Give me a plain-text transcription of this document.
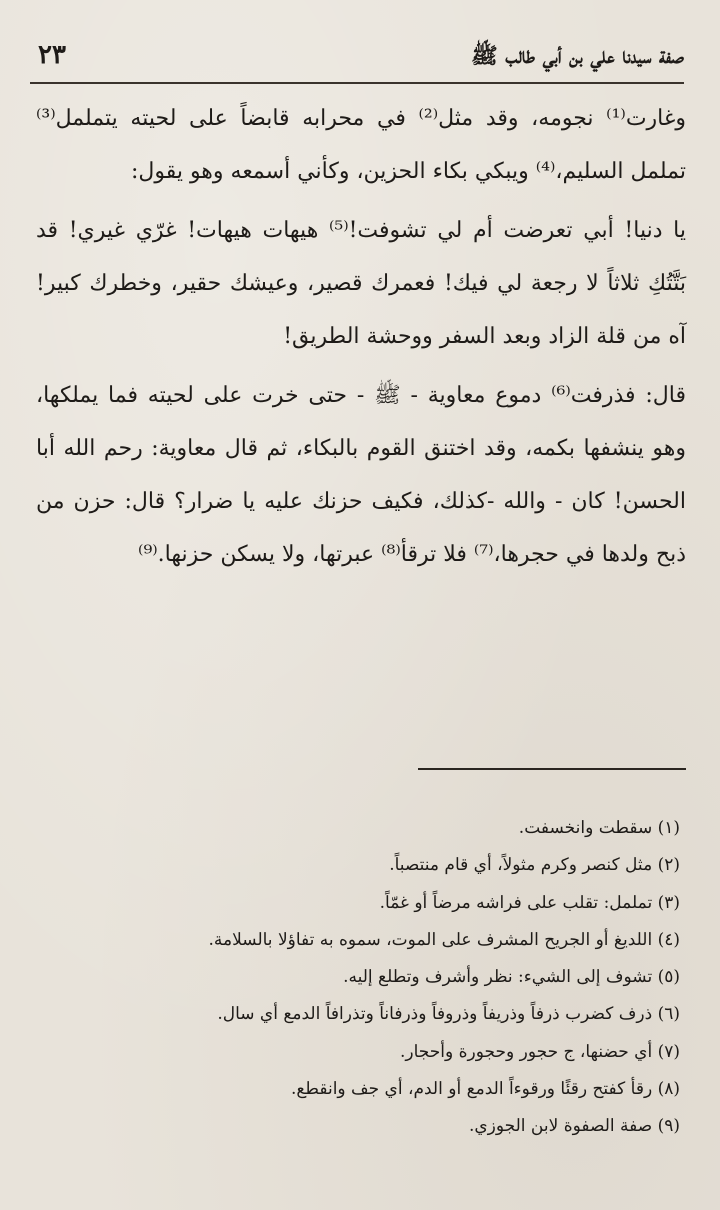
صفة سيدنا علي بن أبي طالب ﷺ
٢٣

وغارت⁽¹⁾ نجومه، وقد مثل⁽²⁾ في محرابه قابضاً على لحيته يتململ⁽³⁾ تململ السليم،⁽⁴⁾ ويبكي بكاء الحزين، وكأني أسمعه وهو يقول:

يا دنيا! أبي تعرضت أم لي تشوفت!⁽⁵⁾ هيهات هيهات! غرّي غيري! قد بَتَّتُكِ ثلاثاً لا رجعة لي فيك! فعمرك قصير، وعيشك حقير، وخطرك كبير! آه من قلة الزاد وبعد السفر ووحشة الطريق!

قال: فذرفت⁽⁶⁾ دموع معاوية - ﷺ - حتى خرت على لحيته فما يملكها، وهو ينشفها بكمه، وقد اختنق القوم بالبكاء، ثم قال معاوية: رحم الله أبا الحسن! كان - والله -كذلك، فكيف حزنك عليه يا ضرار؟ قال: حزن من ذبح ولدها في حجرها،⁽⁷⁾ فلا ترقأ⁽⁸⁾ عبرتها، ولا يسكن حزنها.⁽⁹⁾

(١) سقطت وانخسفت.
(٢) مثل كنصر وكرم مثولاً، أي قام منتصباً.
(٣) تململ: تقلب على فراشه مرضاً أو غمّاً.
(٤) اللديغ أو الجريح المشرف على الموت، سموه به تفاؤلا بالسلامة.
(٥) تشوف إلى الشيء: نظر وأشرف وتطلع إليه.
(٦) ذرف كضرب ذرفاً وذريفاً وذروفاً وذرفاناً وتذرافاً الدمع أي سال.
(٧) أي حضنها، ج حجور وحجورة وأحجار.
(٨) رقأ كفتح رقئًا ورقوءاً الدمع أو الدم، أي جف وانقطع.
(٩) صفة الصفوة لابن الجوزي.
